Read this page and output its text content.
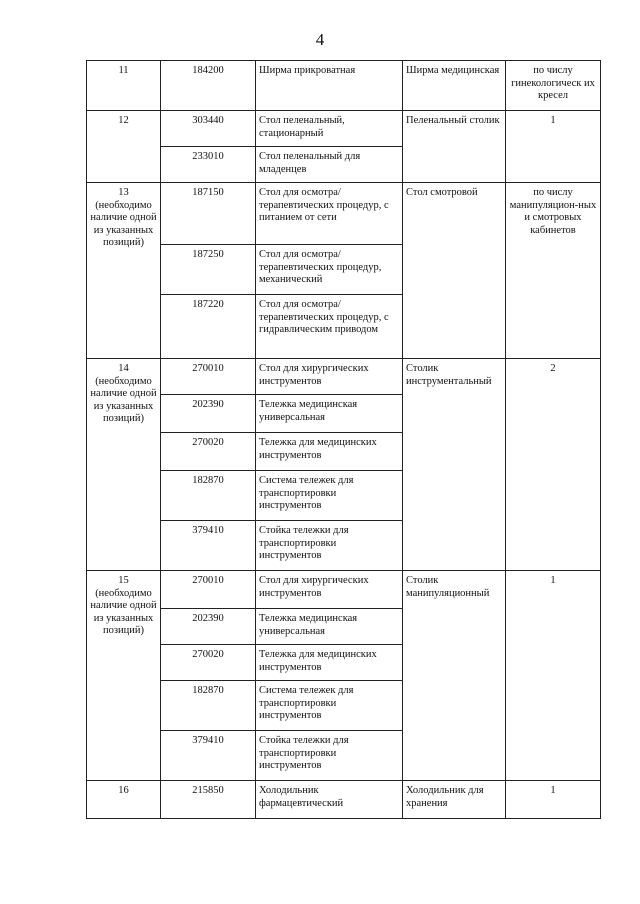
4
11	184200	Ширма прикроватная	Ширма медицинская	по числу гинекологическ их кресел
12	303440	Стол пеленальный, стационарный	Пеленальный столик	1
	233010	Стол пеленальный для младенцев		
13 (необходимо наличие одной из указанных позиций)	187150	Стол для осмотра/терапевтических процедур, с питанием от сети	Стол смотровой	по числу манипуляцион-ных и смотровых кабинетов
	187250	Стол для осмотра/терапевтических процедур, механический		
	187220	Стол для осмотра/терапевтических процедур, с гидравлическим приводом		
14 (необходимо наличие одной из указанных позиций)	270010	Стол для хирургических инструментов	Столик инструментальный	2
	202390	Тележка медицинская универсальная		
	270020	Тележка для медицинских инструментов		
	182870	Система тележек для транспортировки инструментов		
	379410	Стойка тележки для транспортировки инструментов		
15 (необходимо наличие одной из указанных позиций)	270010	Стол для хирургических инструментов	Столик манипуляционный	1
	202390	Тележка медицинская универсальная		
	270020	Тележка для медицинских инструментов		
	182870	Система тележек для транспортировки инструментов		
	379410	Стойка тележки для транспортировки инструментов		
16	215850	Холодильник фармацевтический	Холодильник для хранения	1
